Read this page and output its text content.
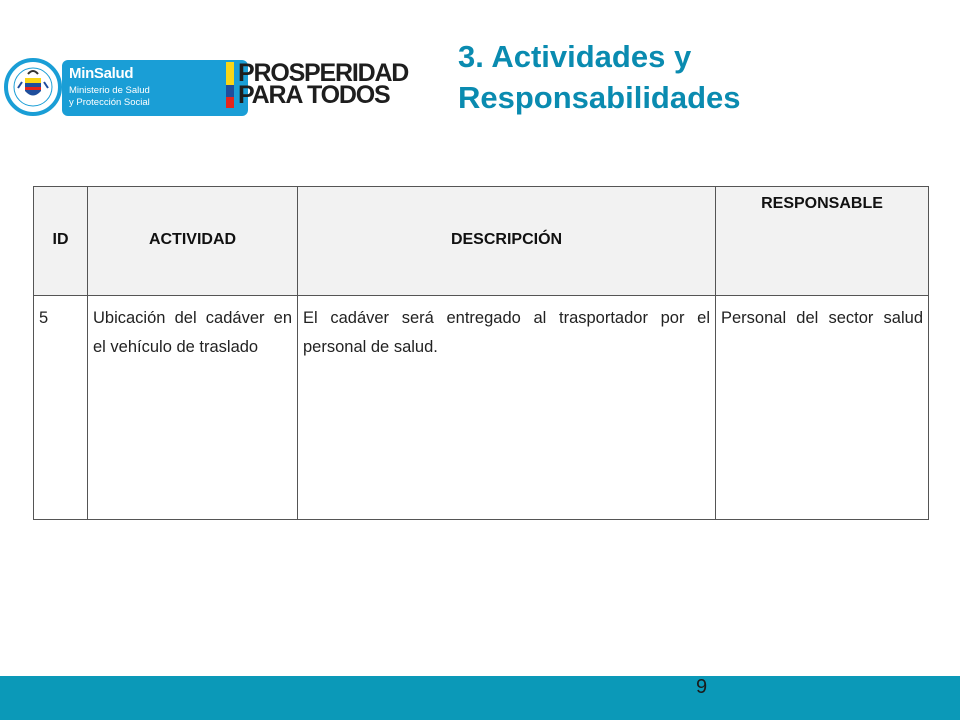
MinSalud
Ministerio de Salud
y Protección Social
PROSPERIDAD
PARA TODOS
3. Actividades y
Responsabilidades
ID	ACTIVIDAD	DESCRIPCIÓN	RESPONSABLE

5	Ubicación del cadáver en el vehículo de traslado	El cadáver será entregado al trasportador por el personal de salud.	Personal del sector salud
9
